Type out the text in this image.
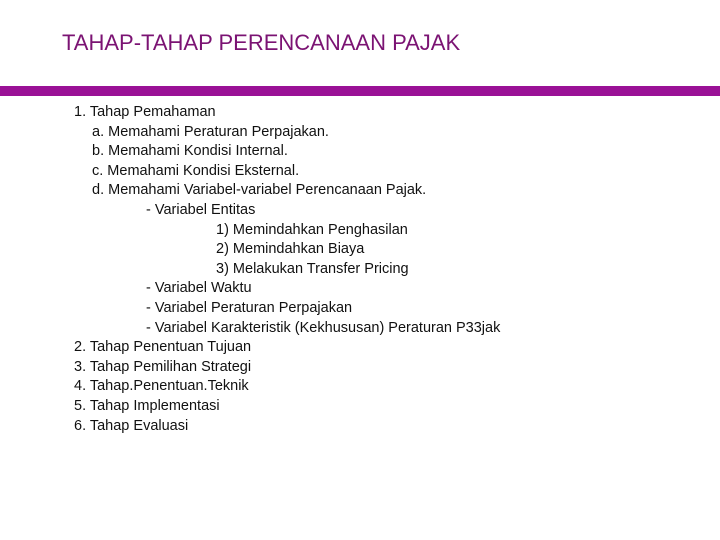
TAHAP-TAHAP PERENCANAAN PAJAK
1. Tahap Pemahaman
a. Memahami Peraturan Perpajakan.
b. Memahami Kondisi Internal.
c. Memahami Kondisi Eksternal.
d. Memahami Variabel-variabel Perencanaan Pajak.
- Variabel Entitas
1) Memindahkan Penghasilan
2) Memindahkan Biaya
3) Melakukan Transfer Pricing
- Variabel Waktu
- Variabel Peraturan Perpajakan
- Variabel Karakteristik (Kekhususan) Peraturan P33jak
2. Tahap Penentuan Tujuan
3. Tahap Pemilihan Strategi
4. Tahap.Penentuan.Teknik
5. Tahap Implementasi
6. Tahap Evaluasi
